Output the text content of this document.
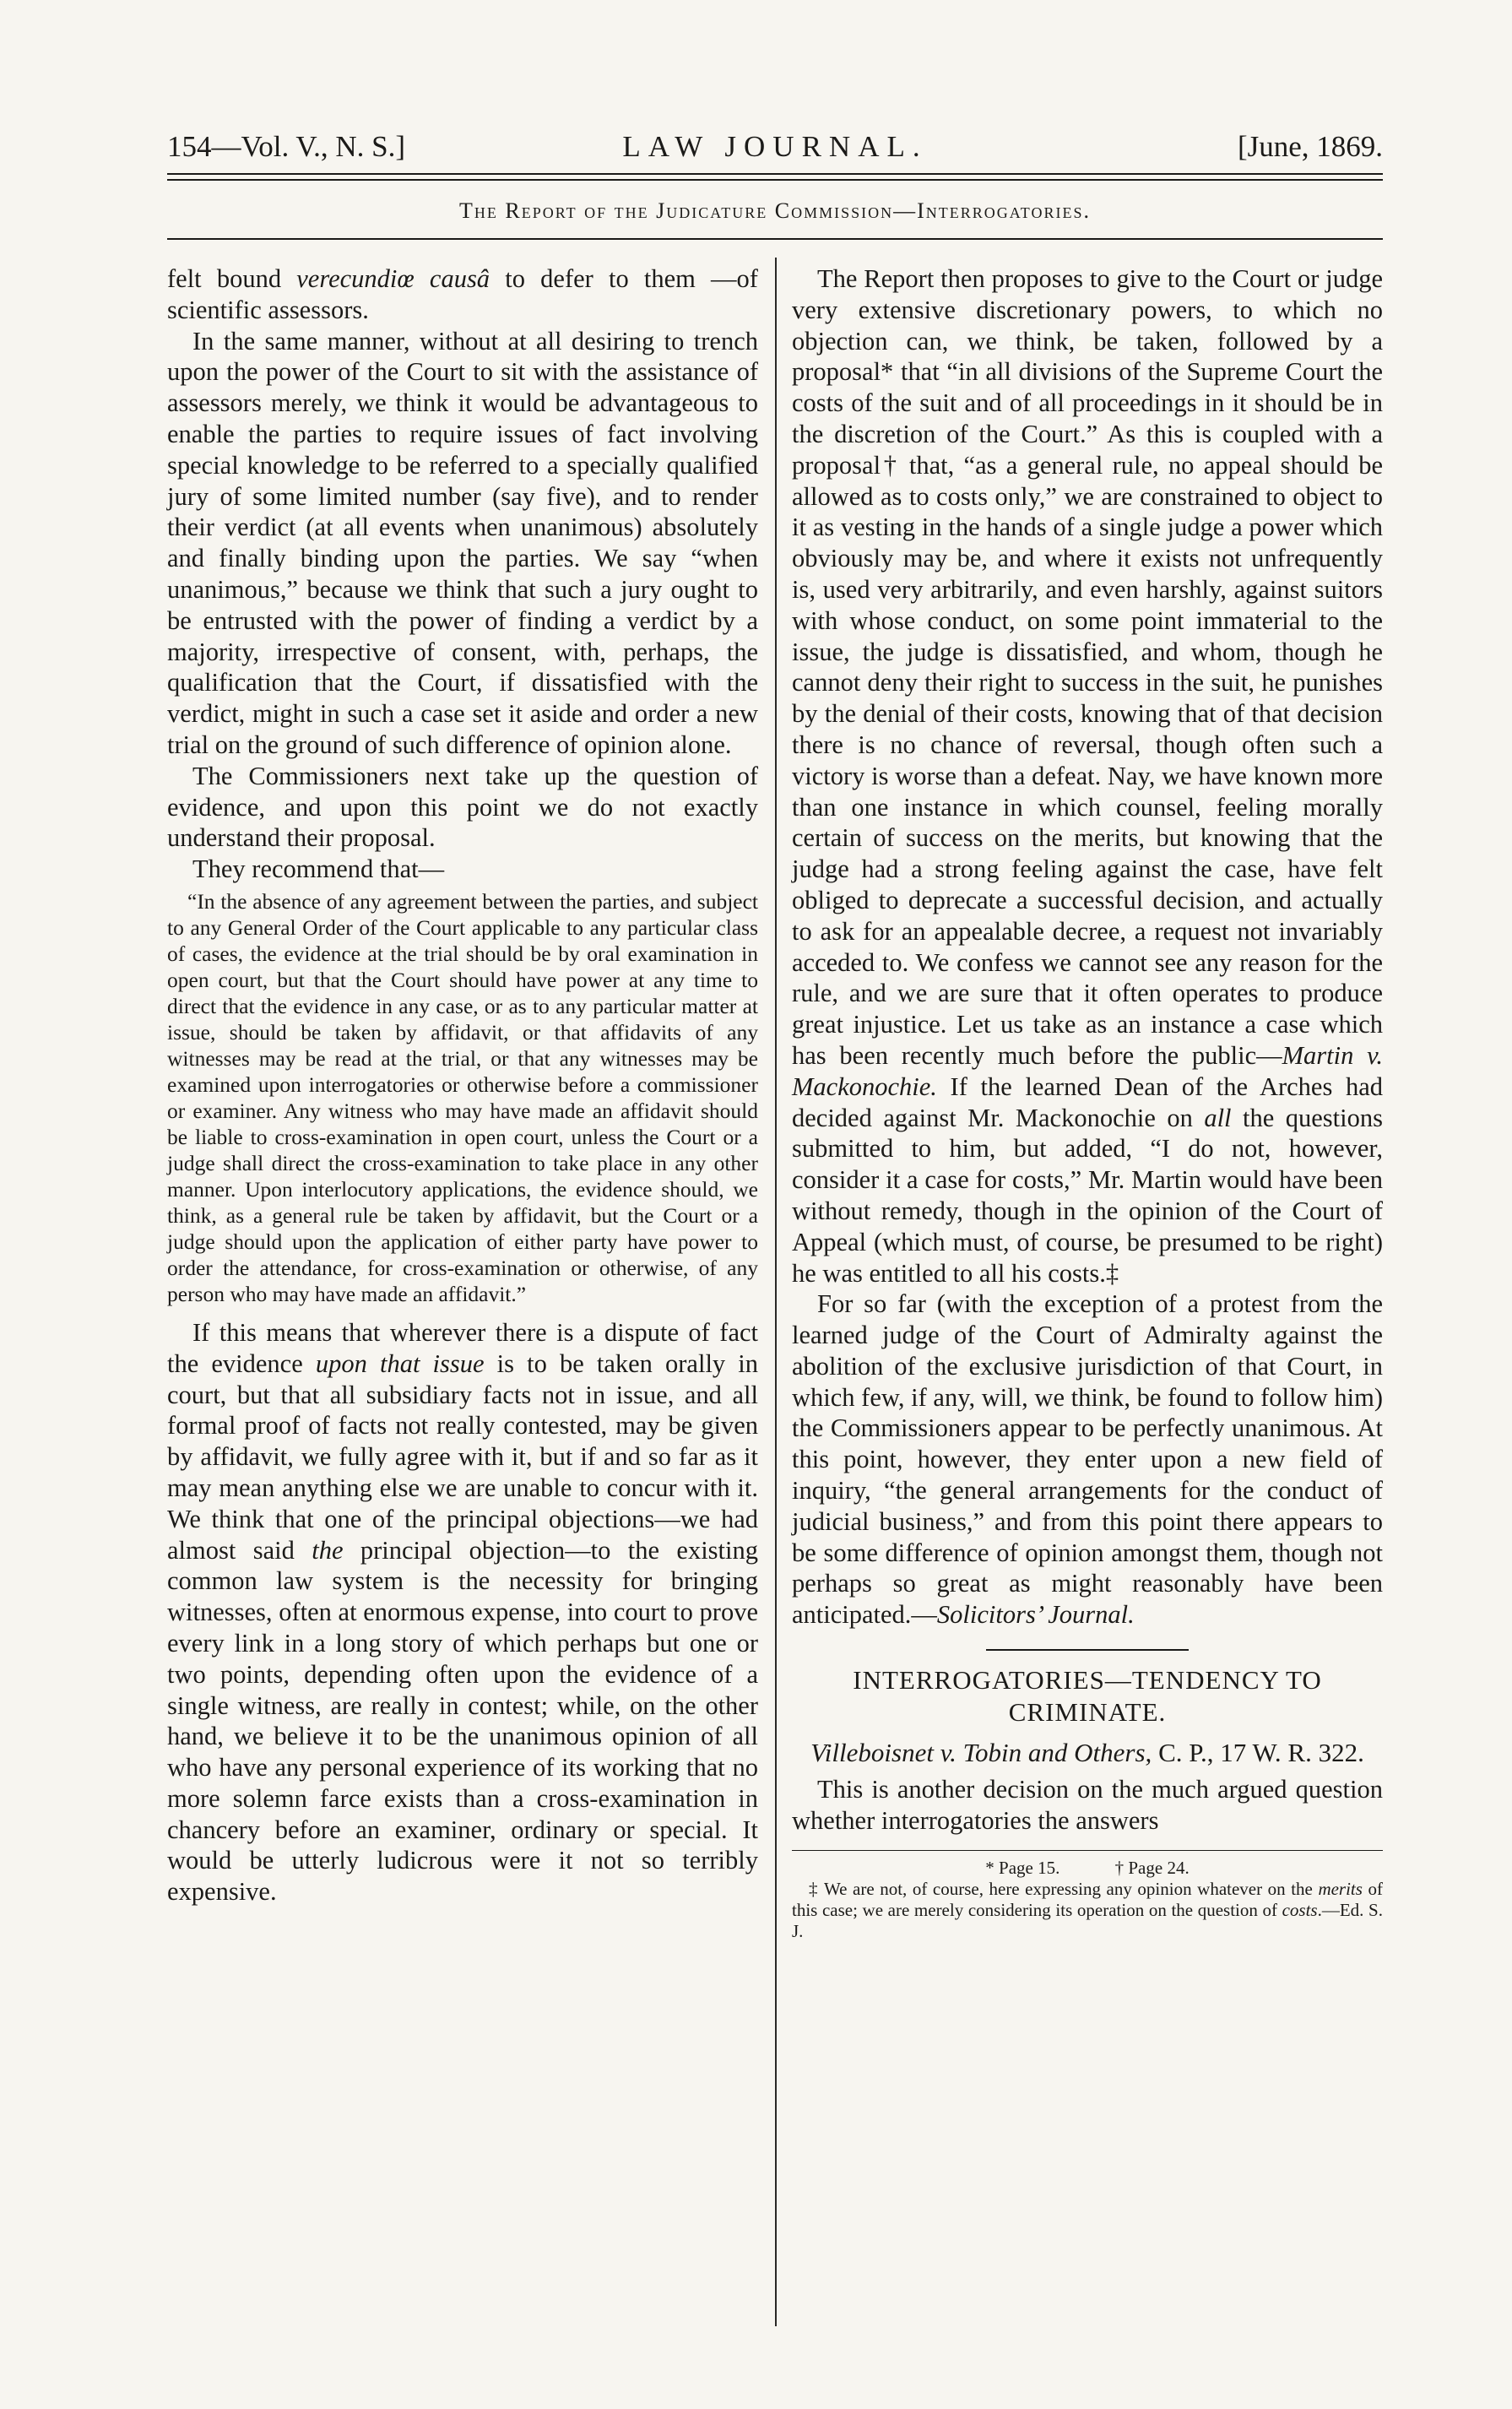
154—Vol. V., N. S.]	LAW JOURNAL.	[June, 1869.
The Report of the Judicature Commission—Interrogatories.

felt bound verecundiœ causâ to defer to them —of scientific assessors.

In the same manner, without at all desiring to trench upon the power of the Court to sit with the assistance of assessors merely, we think it would be advantageous to enable the parties to require issues of fact involving special knowledge to be referred to a specially qualified jury of some limited number (say five), and to render their verdict (at all events when unanimous) absolutely and finally binding upon the parties. We say “when unanimous,” because we think that such a jury ought to be entrusted with the power of finding a verdict by a majority, irrespective of consent, with, perhaps, the qualification that the Court, if dissatisfied with the verdict, might in such a case set it aside and order a new trial on the ground of such difference of opinion alone.

The Commissioners next take up the question of evidence, and upon this point we do not exactly understand their proposal.

They recommend that—

“In the absence of any agreement between the parties, and subject to any General Order of the Court applicable to any particular class of cases, the evidence at the trial should be by oral examination in open court, but that the Court should have power at any time to direct that the evidence in any case, or as to any particular matter at issue, should be taken by affidavit, or that affidavits of any witnesses may be read at the trial, or that any witnesses may be examined upon interrogatories or otherwise before a commissioner or examiner. Any witness who may have made an affidavit should be liable to cross-examination in open court, unless the Court or a judge shall direct the cross-examination to take place in any other manner. Upon interlocutory applications, the evidence should, we think, as a general rule be taken by affidavit, but the Court or a judge should upon the application of either party have power to order the attendance, for cross-examination or otherwise, of any person who may have made an affidavit.”

If this means that wherever there is a dispute of fact the evidence upon that issue is to be taken orally in court, but that all subsidiary facts not in issue, and all formal proof of facts not really contested, may be given by affidavit, we fully agree with it, but if and so far as it may mean anything else we are unable to concur with it. We think that one of the principal objections—we had almost said the principal objection—to the existing common law system is the necessity for bringing witnesses, often at enormous expense, into court to prove every link in a long story of which perhaps but one or two points, depending often upon the evidence of a single witness, are really in contest; while, on the other hand, we believe it to be the unanimous opinion of all who have any personal experience of its working that no more solemn farce exists than a cross-examination in chancery before an examiner, ordinary or special. It would be utterly ludicrous were it not so terribly expensive.

The Report then proposes to give to the Court or judge very extensive discretionary powers, to which no objection can, we think, be taken, followed by a proposal* that “in all divisions of the Supreme Court the costs of the suit and of all proceedings in it should be in the discretion of the Court.” As this is coupled with a proposal† that, “as a general rule, no appeal should be allowed as to costs only,” we are constrained to object to it as vesting in the hands of a single judge a power which obviously may be, and where it exists not unfrequently is, used very arbitrarily, and even harshly, against suitors with whose conduct, on some point immaterial to the issue, the judge is dissatisfied, and whom, though he cannot deny their right to success in the suit, he punishes by the denial of their costs, knowing that of that decision there is no chance of reversal, though often such a victory is worse than a defeat. Nay, we have known more than one instance in which counsel, feeling morally certain of success on the merits, but knowing that the judge had a strong feeling against the case, have felt obliged to deprecate a successful decision, and actually to ask for an appealable decree, a request not invariably acceded to. We confess we cannot see any reason for the rule, and we are sure that it often operates to produce great injustice. Let us take as an instance a case which has been recently much before the public—Martin v. Mackonochie. If the learned Dean of the Arches had decided against Mr. Mackonochie on all the questions submitted to him, but added, “I do not, however, consider it a case for costs,” Mr. Martin would have been without remedy, though in the opinion of the Court of Appeal (which must, of course, be presumed to be right) he was entitled to all his costs.‡

For so far (with the exception of a protest from the learned judge of the Court of Admiralty against the abolition of the exclusive jurisdiction of that Court, in which few, if any, will, we think, be found to follow him) the Commissioners appear to be perfectly unanimous. At this point, however, they enter upon a new field of inquiry, “the general arrangements for the conduct of judicial business,” and from this point there appears to be some difference of opinion amongst them, though not perhaps so great as might reasonably have been anticipated.—Solicitors’ Journal.

INTERROGATORIES—TENDENCY TO CRIMINATE.
Villeboisnet v. Tobin and Others, C. P., 17 W. R. 322.

This is another decision on the much argued question whether interrogatories the answers

* Page 15.	† Page 24.

‡ We are not, of course, here expressing any opinion whatever on the merits of this case; we are merely considering its operation on the question of costs.—Ed. S. J.
